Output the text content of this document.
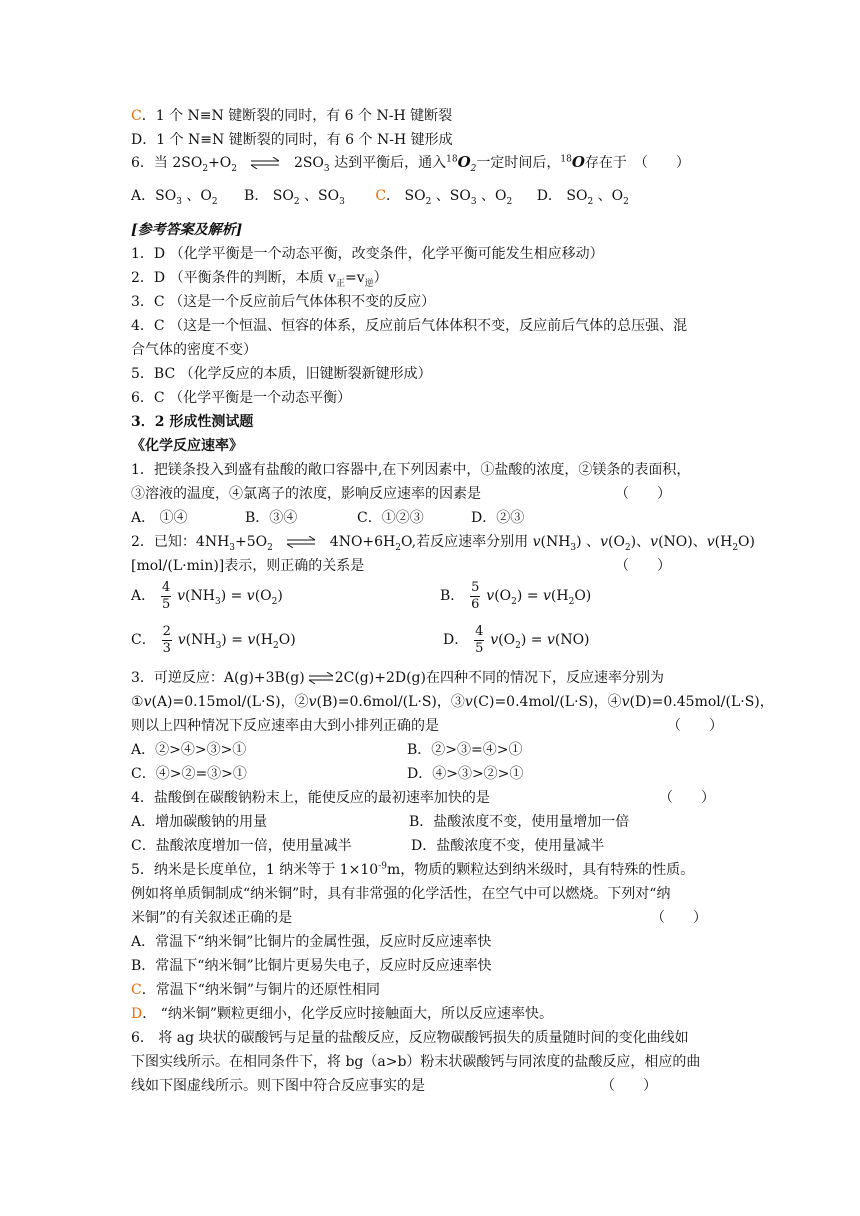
C．1 个 N≡N 键断裂的同时，有 6 个 N-H 键断裂
D．1 个 N≡N 键断裂的同时，有 6 个 N-H 键形成
6．当 $2SO_2+O_2$ ⇌ $2SO_3$ 达到平衡后，通入$^{18}O_2$一定时间后，$^{18}$O存在于　（　　）
A．$SO_3$ 、$O_2$ B． $SO_2$ 、$SO_3$ C． $SO_2$ 、$SO_3$ 、$O_2$ D． $SO_2$ 、$O_2$
[参考答案及解析]
1．D （化学平衡是一个动态平衡，改变条件，化学平衡可能发生相应移动）
2．D （平衡条件的判断，本质 $v_正=v_逆$）
3．C （这是一个反应前后气体体积不变的反应）
4．C （这是一个恒温、恒容的体系，反应前后气体体积不变，反应前后气体的总压强、混
合气体的密度不变）
5．BC （化学反应的本质，旧键断裂新键形成）
6．C （化学平衡是一个动态平衡）
3．2 形成性测试题
《化学反应速率》
1．把镁条投入到盛有盐酸的敞口容器中,在下列因素中，①盐酸的浓度，②镁条的表面积，
③溶液的温度，④氯离子的浓度，影响反应速率的因素是	（　　）
A． ①④	B．③④	C．①②③	D．②③
2．已知：$4NH_3+5O_2$ ⇌ $4NO+6H_2O$,若反应速率分别用 $v(NH_3)$ 、$v(O_2)$、v(NO)、$v(H_2O)$
[mol/(L·min)]表示，则正确的关系是	（　　）
A． $\frac{4}{5} v(NH_3) = v(O_2)$	B． $\frac{5}{6} v(O_2) = v(H_2O)$
C． $\frac{2}{3} v(NH_3) = v(H_2O)$	D． $\frac{4}{5} v(O_2) = v(NO)$
3．可逆反应：A(g)+3B(g) ⇌ 2C(g)+2D(g)在四种不同的情况下，反应速率分别为
①v(A)=0.15mol/(L·S)，②v(B)=0.6mol/(L·S)，③v(C)=0.4mol/(L·S)，④v(D)=0.45mol/(L·S)，
则以上四种情况下反应速率由大到小排列正确的是	（　　）
A．②>④>③>①	B．②>③=④>①
C．④>②=③>①	D．④>③>②>①
4．盐酸倒在碳酸钠粉末上，能使反应的最初速率加快的是	（　　）
A．增加碳酸钠的用量	B．盐酸浓度不变，使用量增加一倍
C．盐酸浓度增加一倍，使用量减半	D．盐酸浓度不变，使用量减半
5．纳米是长度单位，1 纳米等于 $1\times 10^{-9}m$，物质的颗粒达到纳米级时，具有特殊的性质。
例如将单质铜制成“纳米铜”时，具有非常强的化学活性，在空气中可以燃烧。下列对“纳
米铜”的有关叙述正确的是	（　　）
A．常温下“纳米铜”比铜片的金属性强，反应时反应速率快
B．常温下“纳米铜”比铜片更易失电子，反应时反应速率快
C．常温下“纳米铜”与铜片的还原性相同
D． “纳米铜”颗粒更细小，化学反应时接触面大，所以反应速率快。
6． 将 ag 块状的碳酸钙与足量的盐酸反应，反应物碳酸钙损失的质量随时间的变化曲线如
下图实线所示。在相同条件下，将 bg（a>b）粉末状碳酸钙与同浓度的盐酸反应，相应的曲
线如下图虚线所示。则下图中符合反应事实的是	（　　）
